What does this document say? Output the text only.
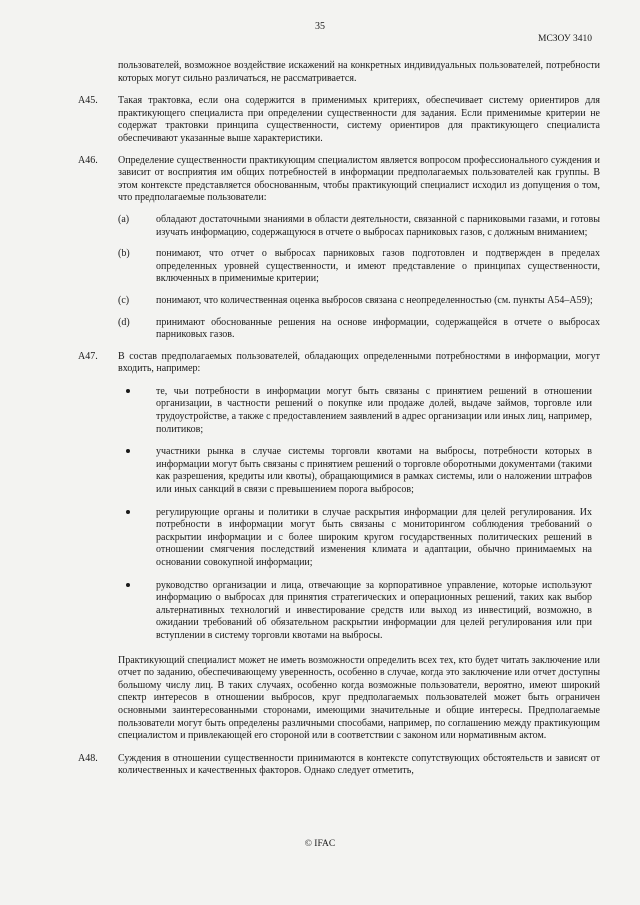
35
МСЗОУ 3410

пользователей, возможное воздействие искажений на конкретных индивидуальных пользователей, потребности которых могут сильно различаться, не рассматривается.

A45. Такая трактовка, если она содержится в применимых критериях, обеспечивает систему ориентиров для практикующего специалиста при определении существенности для задания. Если применимые критерии не содержат трактовки принципа существенности, систему ориентиров для практикующего специалиста обеспечивают указанные выше характеристики.

A46. Определение существенности практикующим специалистом является вопросом профессионального суждения и зависит от восприятия им общих потребностей в информации предполагаемых пользователей как группы. В этом контексте представляется обоснованным, чтобы практикующий специалист исходил из допущения о том, что предполагаемые пользователи:

(a)	обладают достаточными знаниями в области деятельности, связанной с парниковыми газами, и готовы изучать информацию, содержащуюся в отчете о выбросах парниковых газов, с должным вниманием;

(b)	понимают, что отчет о выбросах парниковых газов подготовлен и подтвержден в пределах определенных уровней существенности, и имеют представление о принципах существенности, включенных в применимые критерии;

(c)	понимают, что количественная оценка выбросов связана с неопределенностью (см. пункты A54–A59);

(d)	принимают обоснованные решения на основе информации, содержащейся в отчете о выбросах парниковых газов.

A47. В состав предполагаемых пользователей, обладающих определенными потребностями в информации, могут входить, например:

те, чьи потребности в информации могут быть связаны с принятием решений в отношении организации, в частности решений о покупке или продаже долей, выдаче займов, торговле или трудоустройстве, а также с предоставлением заявлений в адрес организации или иных лиц, например, политиков;

участники рынка в случае системы торговли квотами на выбросы, потребности которых в информации могут быть связаны с принятием решений о торговле оборотными документами (такими как разрешения, кредиты или квоты), обращающимися в рамках системы, или о наложении штрафов или иных санкций в связи с превышением порога выбросов;

регулирующие органы и политики в случае раскрытия информации для целей регулирования. Их потребности в информации могут быть связаны с мониторингом соблюдения требований о раскрытии информации и с более широким кругом государственных политических решений в отношении смягчения последствий изменения климата и адаптации, обычно принимаемых на основании совокупной информации;

руководство организации и лица, отвечающие за корпоративное управление, которые используют информацию о выбросах для принятия стратегических и операционных решений, таких как выбор альтернативных технологий и инвестирование средств или выход из инвестиций, возможно, в ожидании требований об обязательном раскрытии информации для целей регулирования или при вступлении в систему торговли квотами на выбросы.

Практикующий специалист может не иметь возможности определить всех тех, кто будет читать заключение или отчет по заданию, обеспечивающему уверенность, особенно в случае, когда это заключение или отчет доступны большому числу лиц. В таких случаях, особенно когда возможные пользователи, вероятно, имеют широкий спектр интересов в отношении выбросов, круг предполагаемых пользователей может быть ограничен основными заинтересованными сторонами, имеющими значительные и общие интересы. Предполагаемые пользователи могут быть определены различными способами, например, по соглашению между практикующим специалистом и привлекающей его стороной или в соответствии с законом или нормативным актом.

A48. Суждения в отношении существенности принимаются в контексте сопутствующих обстоятельств и зависят от количественных и качественных факторов. Однако следует отметить,

© IFAC
